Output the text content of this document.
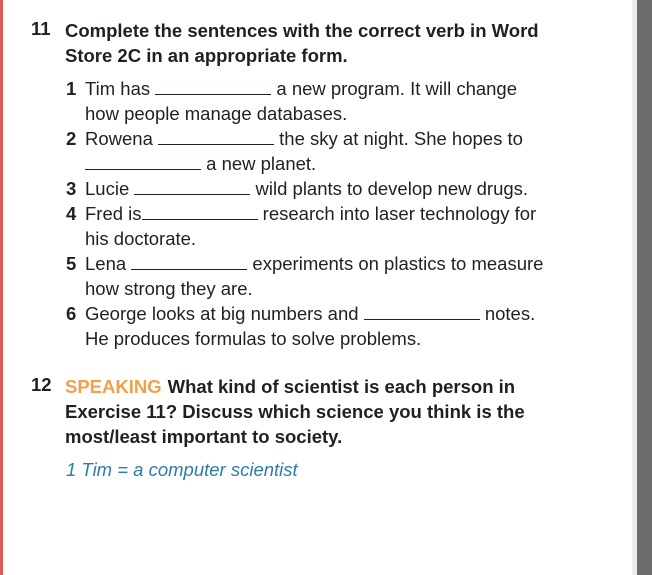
11 Complete the sentences with the correct verb in Word
Store 2C in an appropriate form.

1 Tim has	a new program. It will change
how people manage databases.

2 Rowena	the sky at night. She hopes to
a new planet.

3 Lucie	wild plants to develop new drugs.

4 Fred is	research into laser technology for
his doctorate.

5 Lena	experiments on plastics to measure
how strong they are.

6 George looks at big numbers and	notes.
He produces formulas to solve problems.

12 SPEAKING What kind of scientist is each person in
Exercise 11? Discuss which science you think is the
most/least important to society.
1 Tim = a computer scientist
